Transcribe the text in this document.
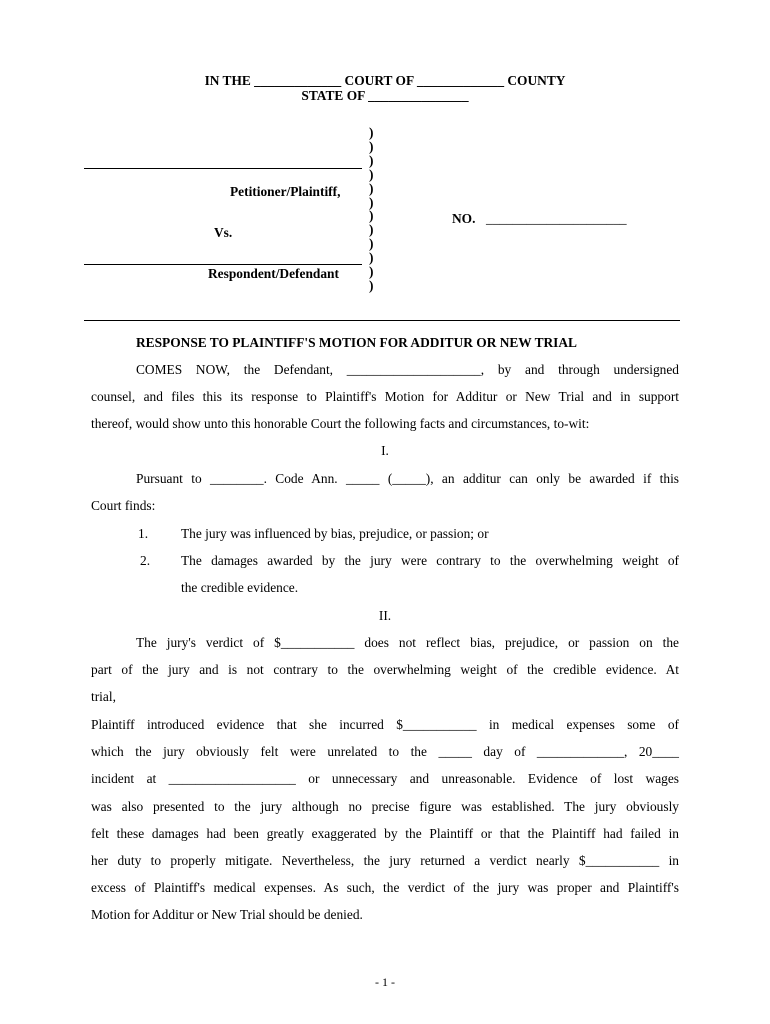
IN THE _____________ COURT OF _____________ COUNTY
STATE OF _______________
)
)
)
)
)
)
)
)
)
)
)
)
Petitioner/Plaintiff,
Vs.
Respondent/Defendant
NO. _____________________
RESPONSE TO PLAINTIFF'S MOTION FOR ADDITUR OR NEW TRIAL
COMES NOW, the Defendant, ____________________, by and through undersigned
counsel, and files this its response to Plaintiff's Motion for Additur or New Trial and in support
thereof, would show unto this honorable Court the following facts and circumstances, to-wit:
I.
Pursuant to ________. Code Ann. _____ (_____), an additur can only be awarded if this
Court finds:
1. The jury was influenced by bias, prejudice, or passion; or
2. The damages awarded by the jury were contrary to the overwhelming weight of
the credible evidence.
II.
The jury's verdict of $___________ does not reflect bias, prejudice, or passion on the
part of the jury and is not contrary to the overwhelming weight of the credible evidence. At
trial,
Plaintiff introduced evidence that she incurred $___________ in medical expenses some of
which the jury obviously felt were unrelated to the _____ day of _____________, 20____
incident at ___________________ or unnecessary and unreasonable. Evidence of lost wages
was also presented to the jury although no precise figure was established. The jury obviously
felt these damages had been greatly exaggerated by the Plaintiff or that the Plaintiff had failed in
her duty to properly mitigate. Nevertheless, the jury returned a verdict nearly $___________ in
excess of Plaintiff's medical expenses. As such, the verdict of the jury was proper and Plaintiff's
Motion for Additur or New Trial should be denied.
- 1 -
